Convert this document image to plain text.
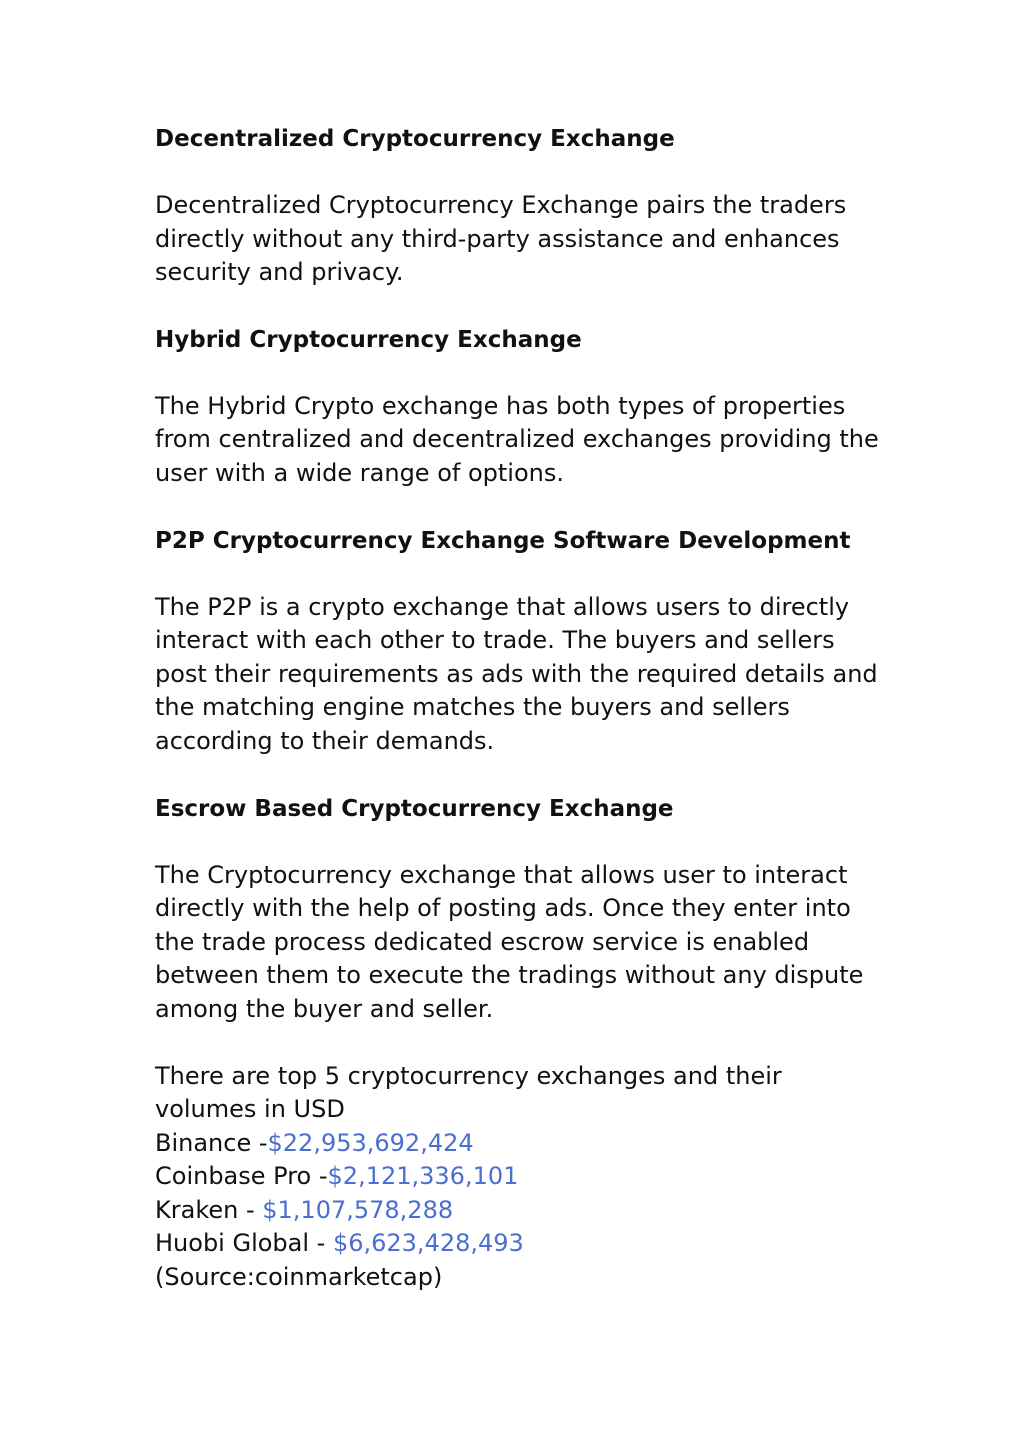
Decentralized Cryptocurrency Exchange
Decentralized Cryptocurrency Exchange pairs the traders directly without any third-party assistance and enhances security and privacy.
Hybrid Cryptocurrency Exchange
The Hybrid Crypto exchange has both types of properties from centralized and decentralized exchanges providing the user with a wide range of options.
P2P Cryptocurrency Exchange Software Development
The P2P is a crypto exchange that allows users to directly interact with each other to trade. The buyers and sellers post their requirements as ads with the required details and the matching engine matches the buyers and sellers according to their demands.
Escrow Based Cryptocurrency Exchange
The Cryptocurrency exchange that allows user to interact directly with the help of posting ads. Once they enter into the trade process dedicated escrow service is enabled between them to execute the tradings without any dispute among the buyer and seller.
There are top 5 cryptocurrency exchanges and their volumes in USD
Binance -$22,953,692,424
Coinbase Pro -$2,121,336,101
Kraken - $1,107,578,288
Huobi Global - $6,623,428,493
(Source:coinmarketcap)
